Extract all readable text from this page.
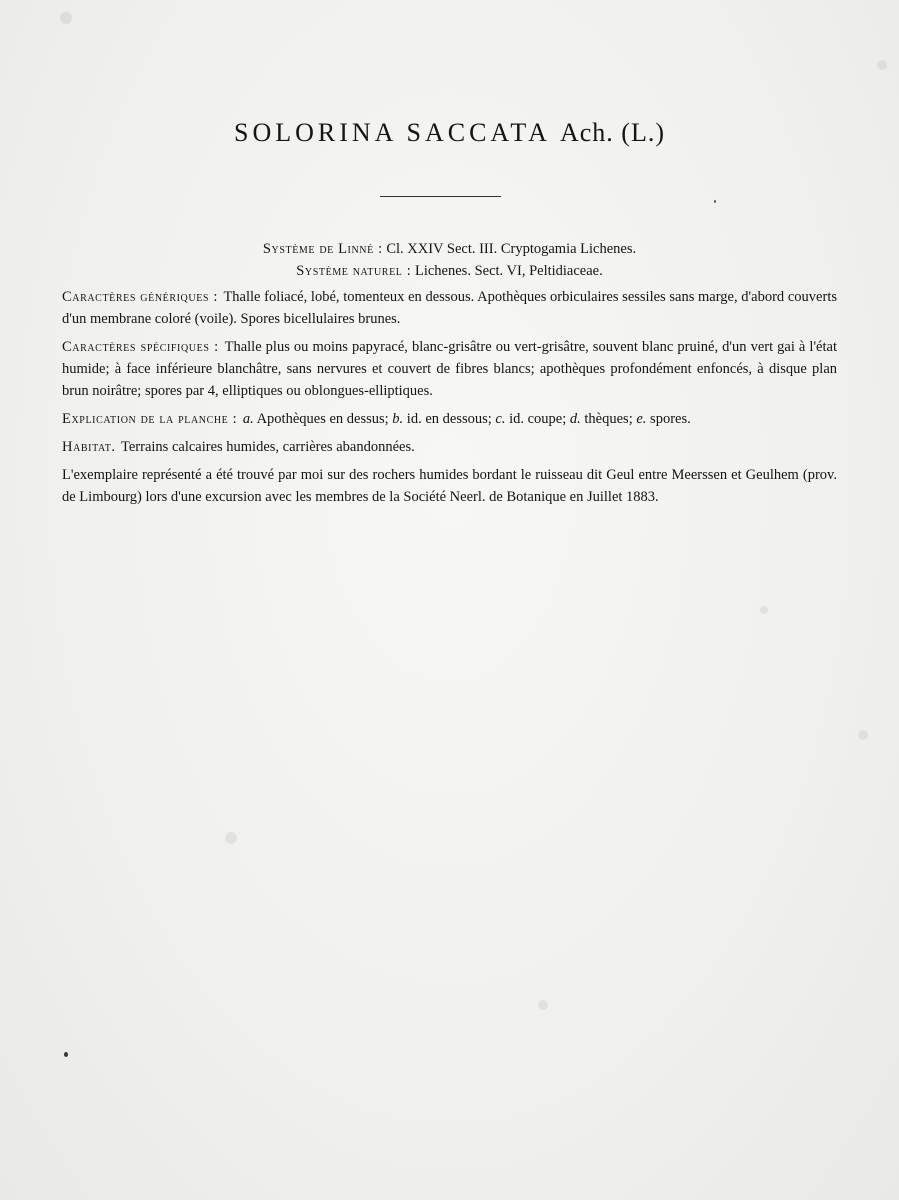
SOLORINA SACCATA Ach. (L.)
Système de Linné : Cl. XXIV Sect. III. Cryptogamia Lichenes.
Système naturel : Lichenes. Sect. VI, Peltidiaceae.

Caractères génériques : Thalle foliacé, lobé, tomenteux en dessous. Apothèques orbiculaires sessiles sans marge, d'abord couverts d'un membrane coloré (voile). Spores bicellulaires brunes.

Caractères spécifiques : Thalle plus ou moins papyracé, blanc-grisâtre ou vert-grisâtre, souvent blanc pruiné, d'un vert gai à l'état humide; à face inférieure blanchâtre, sans nervures et couvert de fibres blancs; apothèques profondément enfoncés, à disque plan brun noirâtre; spores par 4, elliptiques ou oblongues-elliptiques.

Explication de la planche : a. Apothèques en dessus; b. id. en dessous; c. id. coupe; d. thèques; e. spores.

Habitat. Terrains calcaires humides, carrières abandonnées.

L'exemplaire représenté a été trouvé par moi sur des rochers humides bordant le ruisseau dit Geul entre Meerssen et Geulhem (prov. de Limbourg) lors d'une excursion avec les membres de la Société Neerl. de Botanique en Juillet 1883.
